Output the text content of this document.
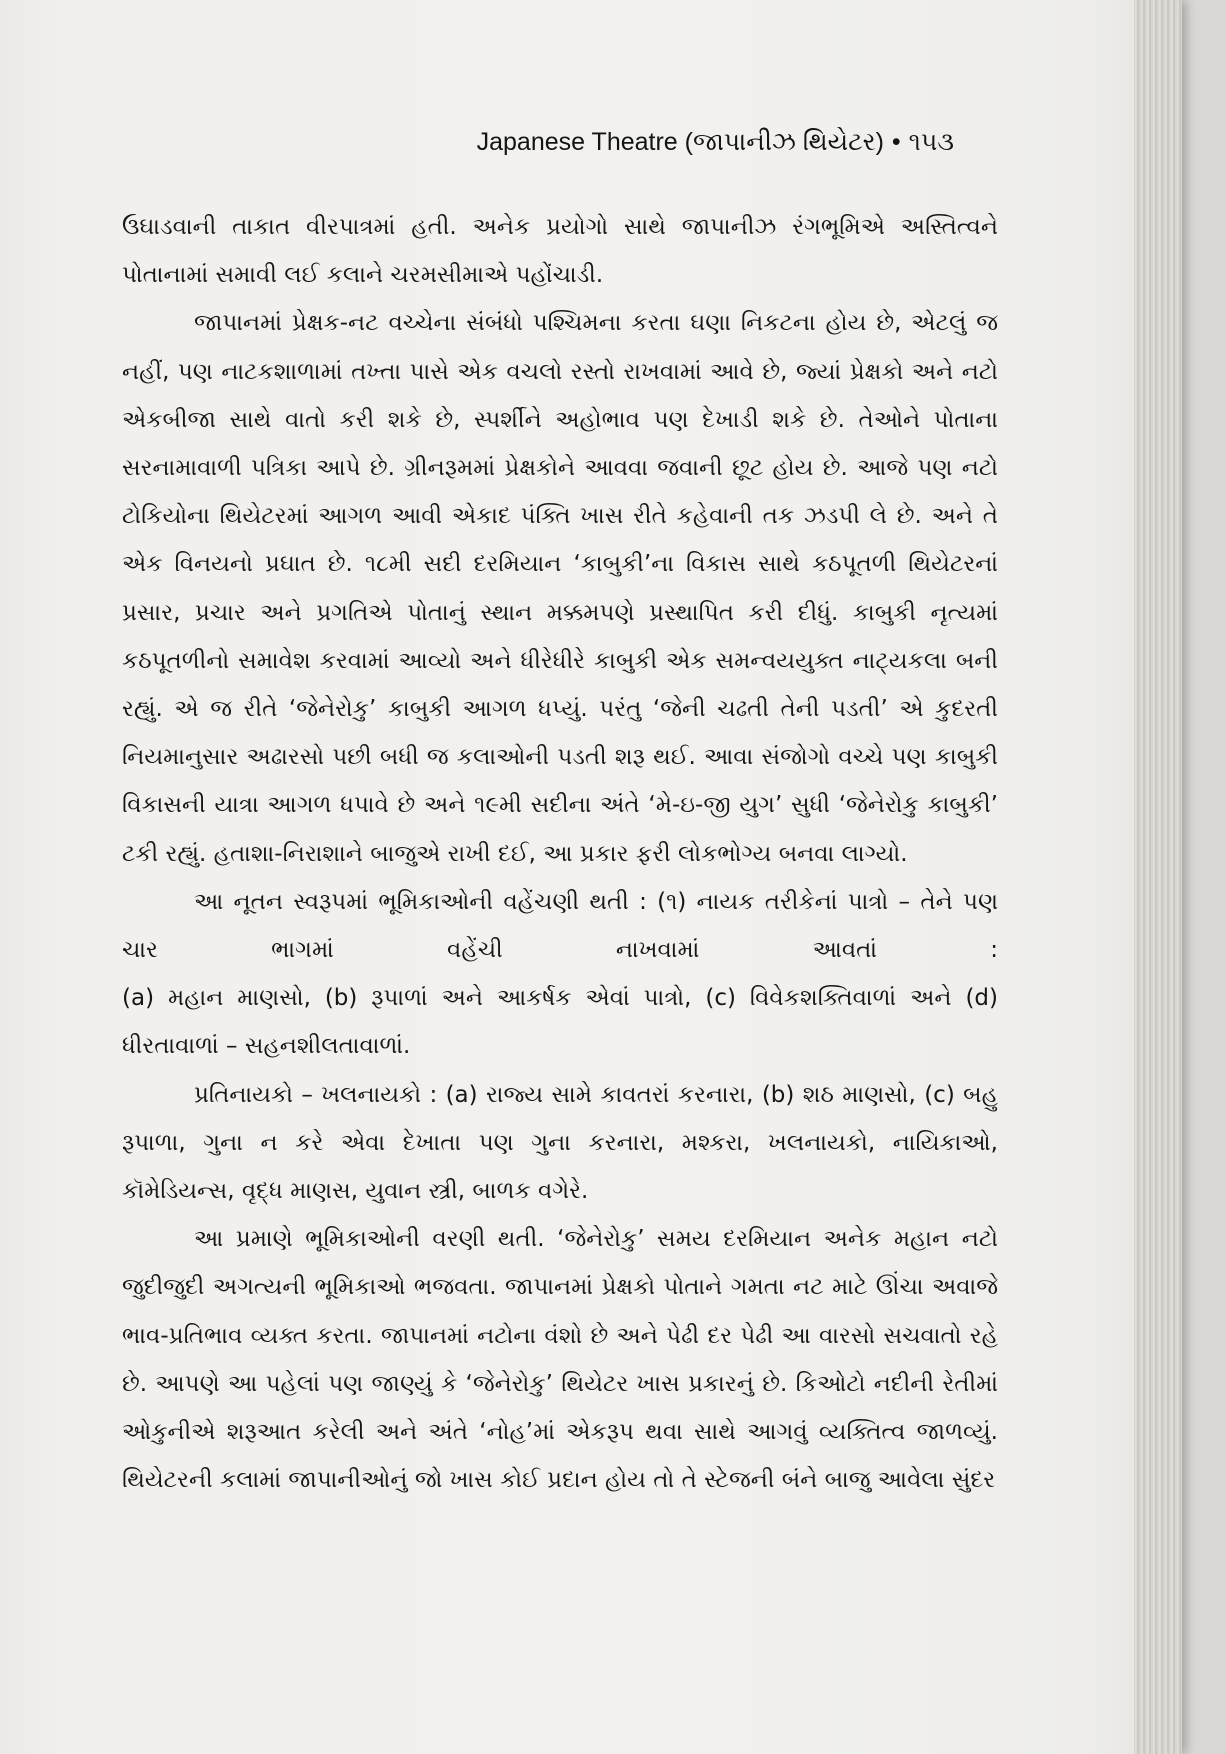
Japanese Theatre (જાપાનીઝ થિયેટર) • ૧૫૩

ઉઘાડવાની તાકાત વીરપાત્રમાં હતી. અનેક પ્રયોગો સાથે જાપાનીઝ રંગભૂમિએ અસ્તિત્વને પોતાનામાં સમાવી લઈ કલાને ચરમસીમાએ પહોંચાડી.

જાપાનમાં પ્રેક્ષક-નટ વચ્ચેના સંબંધો પશ્ચિમના કરતા ઘણા નિકટના હોય છે, એટલું જ નહીં, પણ નાટકશાળામાં તખ્તા પાસે એક વચલો રસ્તો રાખવામાં આવે છે, જ્યાં પ્રેક્ષકો અને નટો એકબીજા સાથે વાતો કરી શકે છે, સ્પર્શીને અહોભાવ પણ દેખાડી શકે છે. તેઓને પોતાના સરનામાવાળી પત્રિકા આપે છે. ગ્રીનરૂમમાં પ્રેક્ષકોને આવવા જવાની છૂટ હોય છે. આજે પણ નટો ટોકિયોના થિયેટરમાં આગળ આવી એકાદ પંક્તિ ખાસ રીતે કહેવાની તક ઝડપી લે છે. અને તે એક વિનયનો પ્રઘાત છે. ૧૮મી સદી દરમિયાન ‘કાબુકી’ના વિકાસ સાથે કઠપૂતળી થિયેટરનાં પ્રસાર, પ્રચાર અને પ્રગતિએ પોતાનું સ્થાન મક્કમપણે પ્રસ્થાપિત કરી દીધું. કાબુકી નૃત્યમાં કઠપૂતળીનો સમાવેશ કરવામાં આવ્યો અને ધીરેધીરે કાબુકી એક સમન્વયયુક્ત નાટ્યકલા બની રહ્યું. એ જ રીતે ‘જેનેરોકુ’ કાબુકી આગળ ધપ્યું. પરંતુ ‘જેની ચઢતી તેની પડતી’ એ કુદરતી નિયમાનુસાર અઢારસો પછી બધી જ કલાઓની પડતી શરૂ થઈ. આવા સંજોગો વચ્ચે પણ કાબુકી વિકાસની યાત્રા આગળ ધપાવે છે અને ૧૯મી સદીના અંતે ‘મે-ઇ-જી યુગ’ સુધી ‘જેનેરોકુ કાબુકી’ ટકી રહ્યું. હતાશા-નિરાશાને બાજુએ રાખી દઈ, આ પ્રકાર ફરી લોકભોગ્ય બનવા લાગ્યો.

આ નૂતન સ્વરૂપમાં ભૂમિકાઓની વહેંચણી થતી : (૧) નાયક તરીકેનાં પાત્રો – તેને પણ ચાર ભાગમાં વહેંચી નાખવામાં આવતાં :

(a) મહાન માણસો, (b) રૂપાળાં અને આકર્ષક એવાં પાત્રો, (c) વિવેકશક્તિવાળાં અને (d) ધીરતાવાળાં – સહનશીલતાવાળાં.

પ્રતિનાયકો – ખલનાયકો : (a) રાજ્ય સામે કાવતરાં કરનારા, (b) શઠ માણસો, (c) બહુ રૂપાળા, ગુના ન કરે એવા દેખાતા પણ ગુના કરનારા, મશ્કરા, ખલનાયકો, નાયિકાઓ, કૉમેડિયન્સ, વૃદ્ધ માણસ, યુવાન સ્ત્રી, બાળક વગેરે.

આ પ્રમાણે ભૂમિકાઓની વરણી થતી. ‘જેનેરોકુ’ સમય દરમિયાન અનેક મહાન નટો જુદીજુદી અગત્યની ભૂમિકાઓ ભજવતા. જાપાનમાં પ્રેક્ષકો પોતાને ગમતા નટ માટે ઊંચા અવાજે ભાવ-પ્રતિભાવ વ્યક્ત કરતા. જાપાનમાં નટોના વંશો છે અને પેઢી દર પેઢી આ વારસો સચવાતો રહે છે. આપણે આ પહેલાં પણ જાણ્યું કે ‘જેનેરોકુ’ થિયેટર ખાસ પ્રકારનું છે. કિઓટો નદીની રેતીમાં ઓકુનીએ શરૂઆત કરેલી અને અંતે ‘નોહ’માં એકરૂપ થવા સાથે આગવું વ્યક્તિત્વ જાળવ્યું. થિયેટરની કલામાં જાપાનીઓનું જો ખાસ કોઈ પ્રદાન હોય તો તે સ્ટેજની બંને બાજુ આવેલા સુંદર
